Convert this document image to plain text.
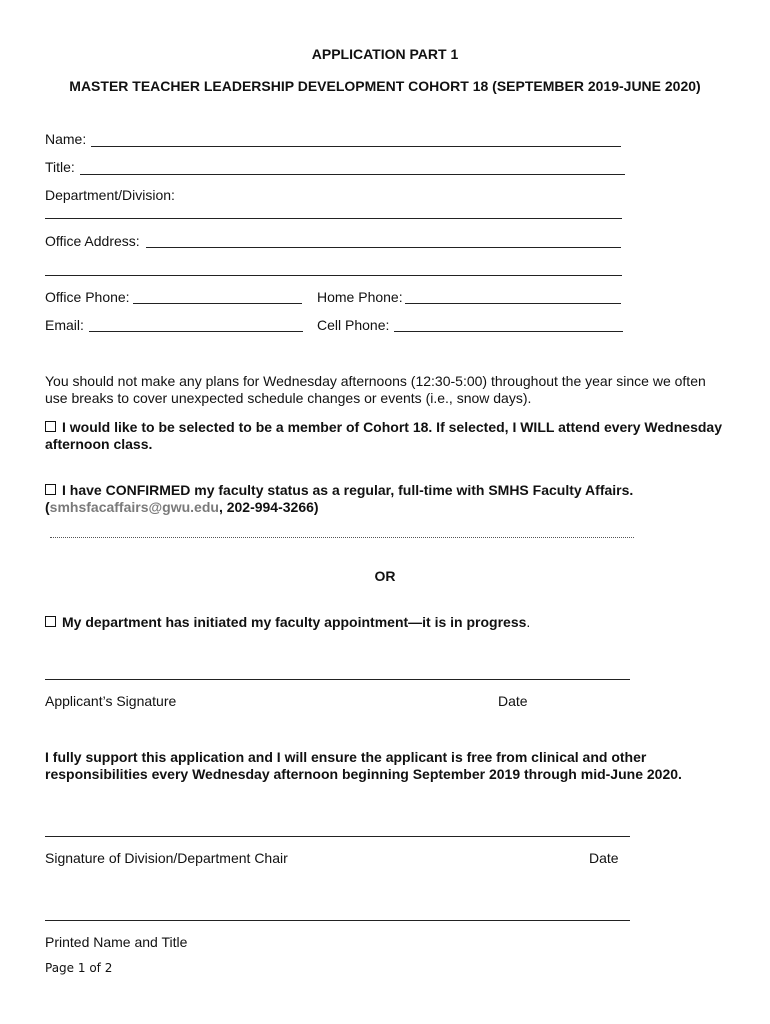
APPLICATION PART 1
MASTER TEACHER LEADERSHIP DEVELOPMENT COHORT 18 (SEPTEMBER 2019-JUNE 2020)
Name:
Title:
Department/Division:
Office Address:
Office Phone:	Home Phone:
Email:	Cell Phone:
You should not make any plans for Wednesday afternoons (12:30-5:00) throughout the year since we often use breaks to cover unexpected schedule changes or events (i.e., snow days).
I would like to be selected to be a member of Cohort 18. If selected, I WILL attend every Wednesday afternoon class.
I have CONFIRMED my faculty status as a regular, full-time with SMHS Faculty Affairs.
(smhsfacaffairs@gwu.edu, 202-994-3266)
OR
My department has initiated my faculty appointment—it is in progress.
Applicant’s Signature	Date
I fully support this application and I will ensure the applicant is free from clinical and other responsibilities every Wednesday afternoon beginning September 2019 through mid-June 2020.
Signature of Division/Department Chair	Date
Printed Name and Title
Page 1 of 2
